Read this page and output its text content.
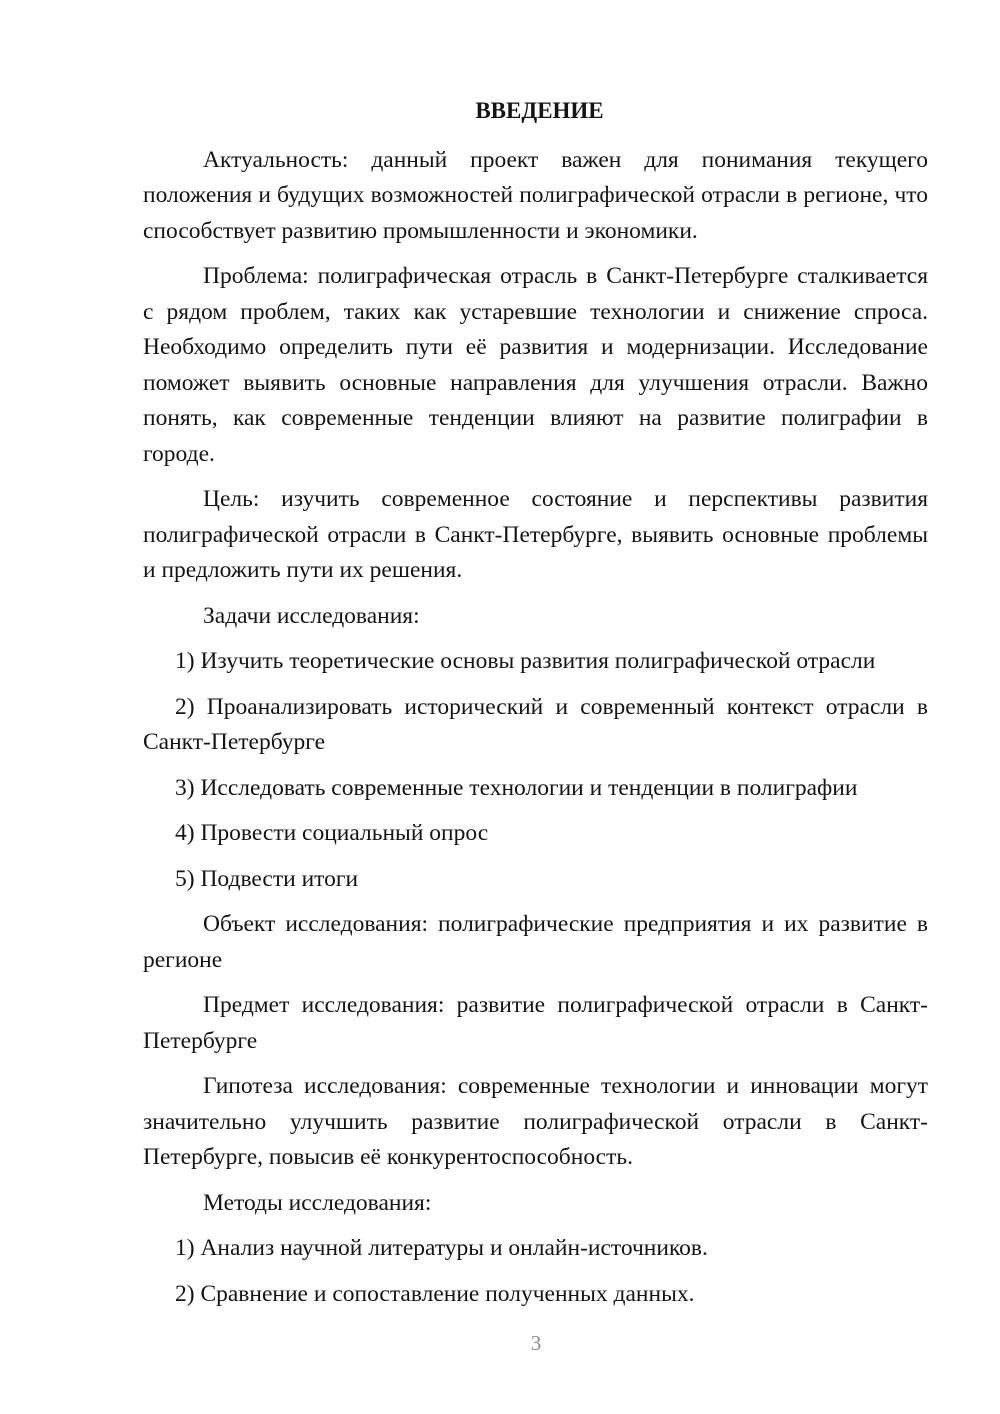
ВВЕДЕНИЕ

Актуальность: данный проект важен для понимания текущего положения и будущих возможностей полиграфической отрасли в регионе, что способствует развитию промышленности и экономики.

Проблема: полиграфическая отрасль в Санкт-Петербурге сталкивается с рядом проблем, таких как устаревшие технологии и снижение спроса. Необходимо определить пути её развития и модернизации. Исследование поможет выявить основные направления для улучшения отрасли. Важно понять, как современные тенденции влияют на развитие полиграфии в городе.

Цель: изучить современное состояние и перспективы развития полиграфической отрасли в Санкт-Петербурге, выявить основные проблемы и предложить пути их решения.

Задачи исследования:

1) Изучить теоретические основы развития полиграфической отрасли

2) Проанализировать исторический и современный контекст отрасли в Санкт-Петербурге

3) Исследовать современные технологии и тенденции в полиграфии

4) Провести социальный опрос

5) Подвести итоги

Объект исследования: полиграфические предприятия и их развитие в регионе

Предмет исследования: развитие полиграфической отрасли в Санкт-Петербурге

Гипотеза исследования: современные технологии и инновации могут значительно улучшить развитие полиграфической отрасли в Санкт-Петербурге, повысив её конкурентоспособность.

Методы исследования:

1) Анализ научной литературы и онлайн-источников.

2) Сравнение и сопоставление полученных данных.

3
